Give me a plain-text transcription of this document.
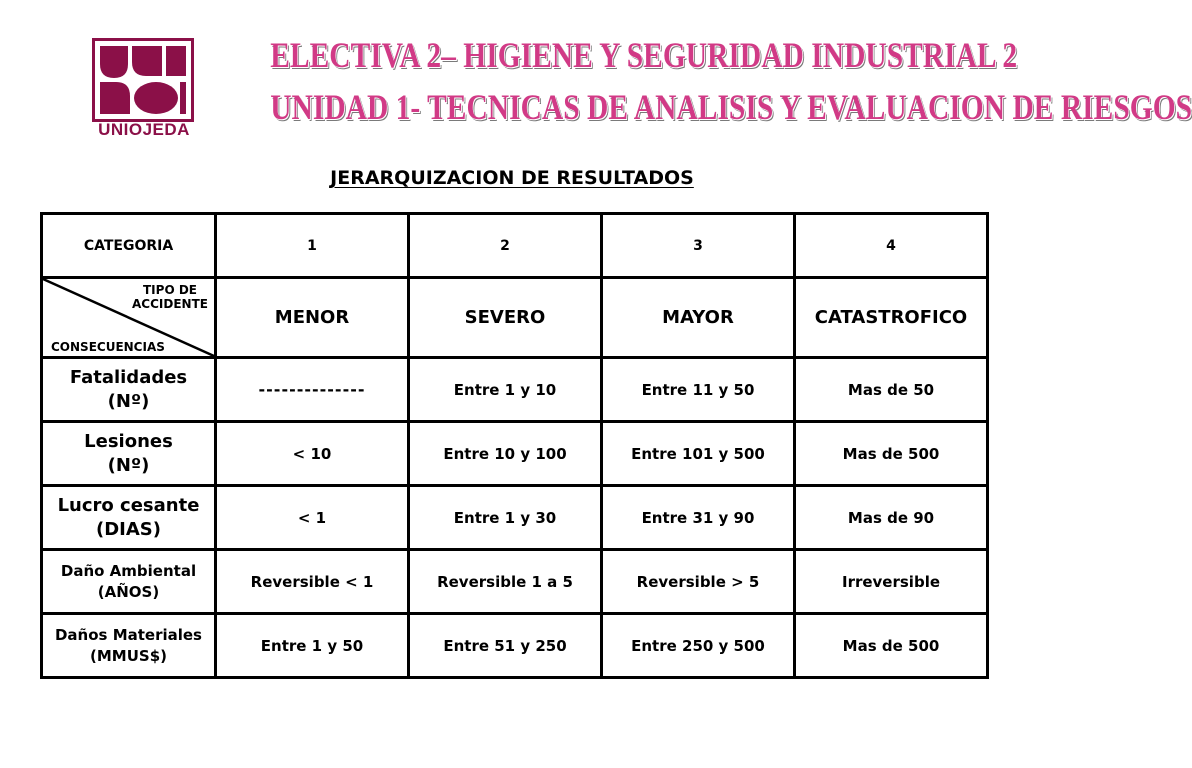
UNIOJEDA
ELECTIVA 2– HIGIENE Y SEGURIDAD INDUSTRIAL 2
UNIDAD 1- TECNICAS DE ANALISIS Y EVALUACION DE RIESGOS
JERARQUIZACION DE RESULTADOS
CATEGORIA	1	2	3	4

TIPO DE ACCIDENTE
CONSECUENCIAS	MENOR	SEVERO	MAYOR	CATASTROFICO

Fatalidades
(Nº)	--------------	Entre 1 y 10	Entre 11 y 50	Mas de 50

Lesiones
(Nº)	< 10	Entre 10 y 100	Entre 101 y 500	Mas de 500

Lucro cesante
(DIAS)	< 1	Entre 1 y 30	Entre 31 y 90	Mas de 90

Daño Ambiental
(AÑOS)	Reversible < 1	Reversible 1 a 5	Reversible > 5	Irreversible

Daños Materiales
(MMUS$)	Entre 1 y 50	Entre 51 y 250	Entre 250 y 500	Mas de 500
